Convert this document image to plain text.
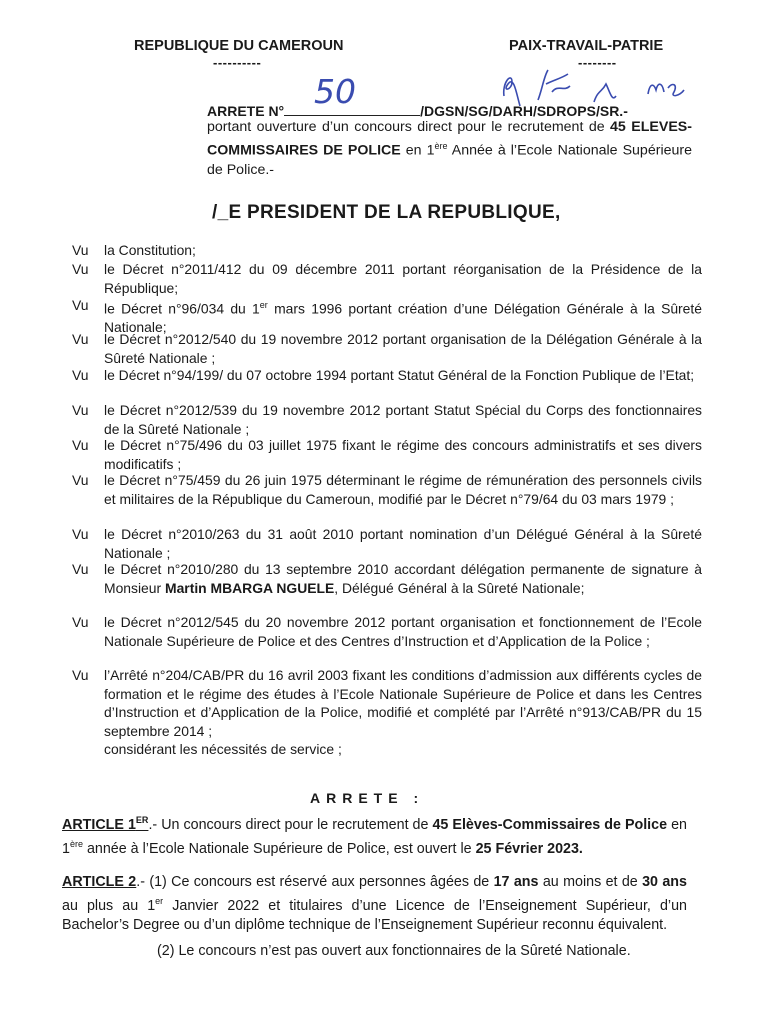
REPUBLIQUE DU CAMEROUN
----------
PAIX-TRAVAIL-PATRIE
--------
ARRETE N°	/DGSN/SG/DARH/SDROPS/SR.-
50
portant ouverture d’un concours direct pour le recrutement de 45 ELEVES-COMMISSAIRES DE POLICE en 1ère Année à l’Ecole Nationale Supérieure de Police.-
/_E PRESIDENT DE LA REPUBLIQUE,
Vu la Constitution;
Vu le Décret n°2011/412 du 09 décembre 2011 portant réorganisation de la Présidence de la République;
Vu le Décret n°96/034 du 1er mars 1996 portant création d’une Délégation Générale à la Sûreté Nationale;
Vu le Décret n°2012/540 du 19 novembre 2012 portant organisation de la Délégation Générale à la Sûreté Nationale ;
Vu le Décret n°94/199/ du 07 octobre 1994 portant Statut Général de la Fonction Publique de l’Etat;
Vu le Décret n°2012/539 du 19 novembre 2012 portant Statut Spécial du Corps des fonctionnaires de la Sûreté Nationale ;
Vu le Décret n°75/496 du 03 juillet 1975 fixant le régime des concours administratifs et ses divers modificatifs ;
Vu le Décret n°75/459 du 26 juin 1975 déterminant le régime de rémunération des personnels civils et militaires de la République du Cameroun, modifié par le Décret n°79/64 du 03 mars 1979 ;
Vu le Décret n°2010/263 du 31 août 2010 portant nomination d’un Délégué Général à la Sûreté Nationale ;
Vu le Décret n°2010/280 du 13 septembre 2010 accordant délégation permanente de signature à Monsieur Martin MBARGA NGUELE, Délégué Général à la Sûreté Nationale;
Vu le Décret n°2012/545 du 20 novembre 2012 portant organisation et fonctionnement de l’Ecole Nationale Supérieure de Police et des Centres d’Instruction et d’Application de la Police ;
Vu l’Arrêté n°204/CAB/PR du 16 avril 2003 fixant les conditions d’admission aux différents cycles de formation et le régime des études à l’Ecole Nationale Supérieure de Police et dans les Centres d’Instruction et d’Application de la Police, modifié et complété par l’Arrêté n°913/CAB/PR du 15 septembre 2014 ;
considérant les nécessités de service ;
ARRETE :
ARTICLE 1ER.- Un concours direct pour le recrutement de 45 Elèves-Commissaires de Police en 1ère année à l’Ecole Nationale Supérieure de Police, est ouvert le 25 Février 2023.
ARTICLE 2.- (1) Ce concours est réservé aux personnes âgées de 17 ans au moins et de 30 ans au plus au 1er Janvier 2022 et titulaires d’une Licence de l’Enseignement Supérieur, d’un Bachelor’s Degree ou d’un diplôme technique de l’Enseignement Supérieur reconnu équivalent.
(2) Le concours n’est pas ouvert aux fonctionnaires de la Sûreté Nationale.
